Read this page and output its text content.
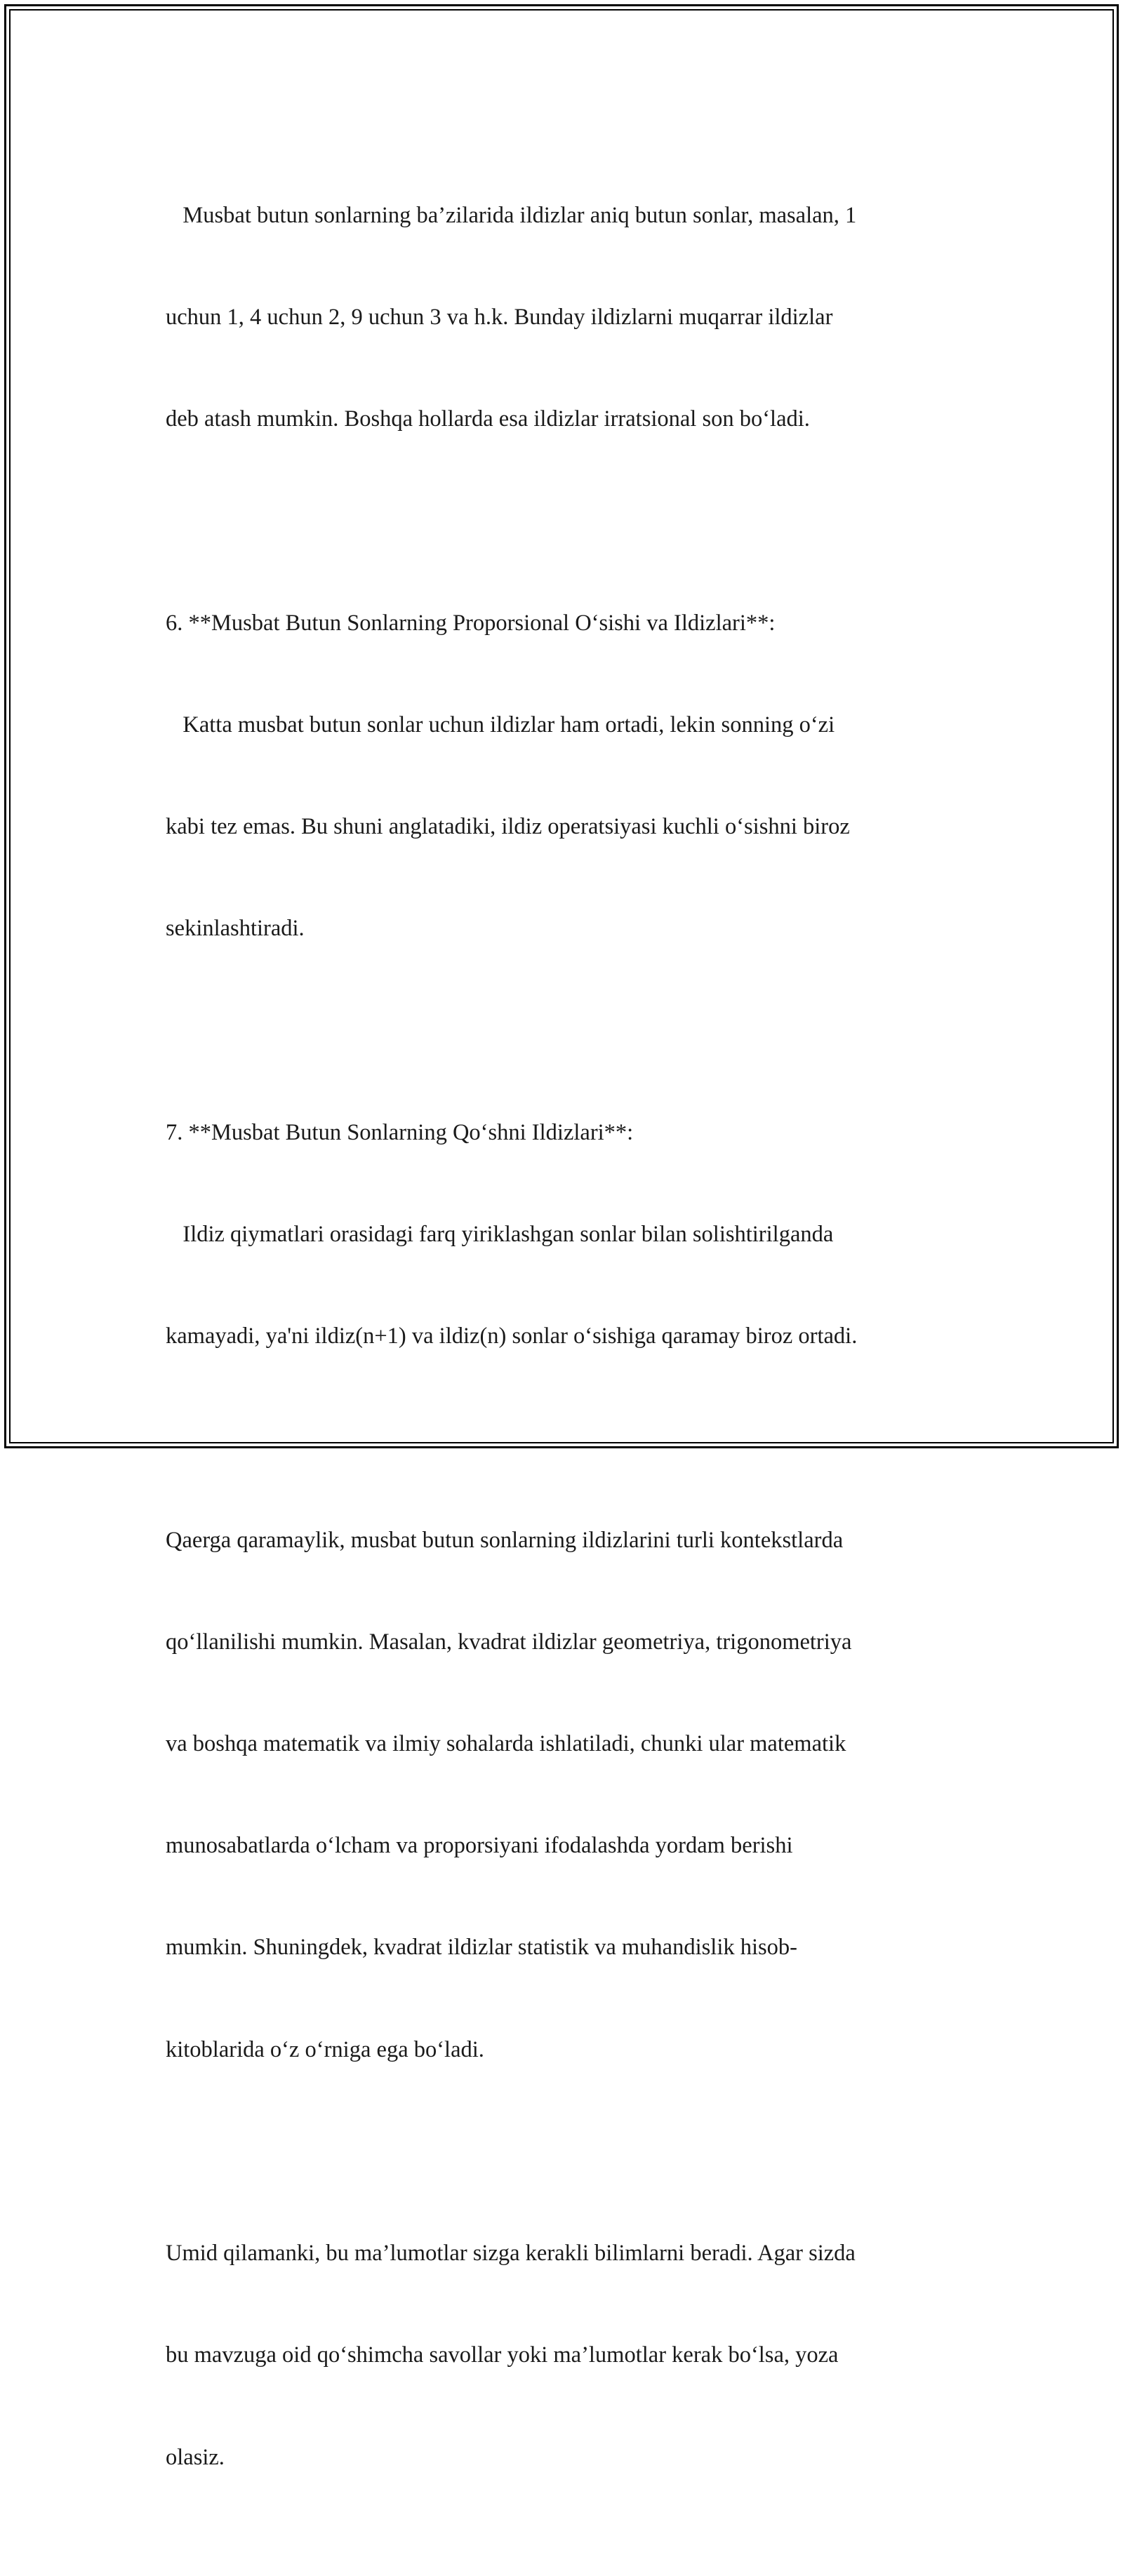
Musbat butun sonlarning ba’zilarida ildizlar aniq butun sonlar, masalan, 1

uchun 1, 4 uchun 2, 9 uchun 3 va h.k. Bunday ildizlarni muqarrar ildizlar

deb atash mumkin. Boshqa hollarda esa ildizlar irratsional son bo‘ladi.

6. **Musbat Butun Sonlarning Proporsional O‘sishi va Ildizlari**:

Katta musbat butun sonlar uchun ildizlar ham ortadi, lekin sonning o‘zi

kabi tez emas. Bu shuni anglatadiki, ildiz operatsiyasi kuchli o‘sishni biroz

sekinlashtiradi.

7. **Musbat Butun Sonlarning Qo‘shni Ildizlari**:

Ildiz qiymatlari orasidagi farq yiriklashgan sonlar bilan solishtirilganda

kamayadi, ya'ni ildiz(n+1) va ildiz(n) sonlar o‘sishiga qaramay biroz ortadi.

Qaerga qaramaylik, musbat butun sonlarning ildizlarini turli kontekstlarda

qo‘llanilishi mumkin. Masalan, kvadrat ildizlar geometriya, trigonometriya

va boshqa matematik va ilmiy sohalarda ishlatiladi, chunki ular matematik

munosabatlarda o‘lcham va proporsiyani ifodalashda yordam berishi

mumkin. Shuningdek, kvadrat ildizlar statistik va muhandislik hisob-

kitoblarida o‘z o‘rniga ega bo‘ladi.

Umid qilamanki, bu ma’lumotlar sizga kerakli bilimlarni beradi. Agar sizda

bu mavzuga oid qo‘shimcha savollar yoki ma’lumotlar kerak bo‘lsa, yoza

olasiz.
